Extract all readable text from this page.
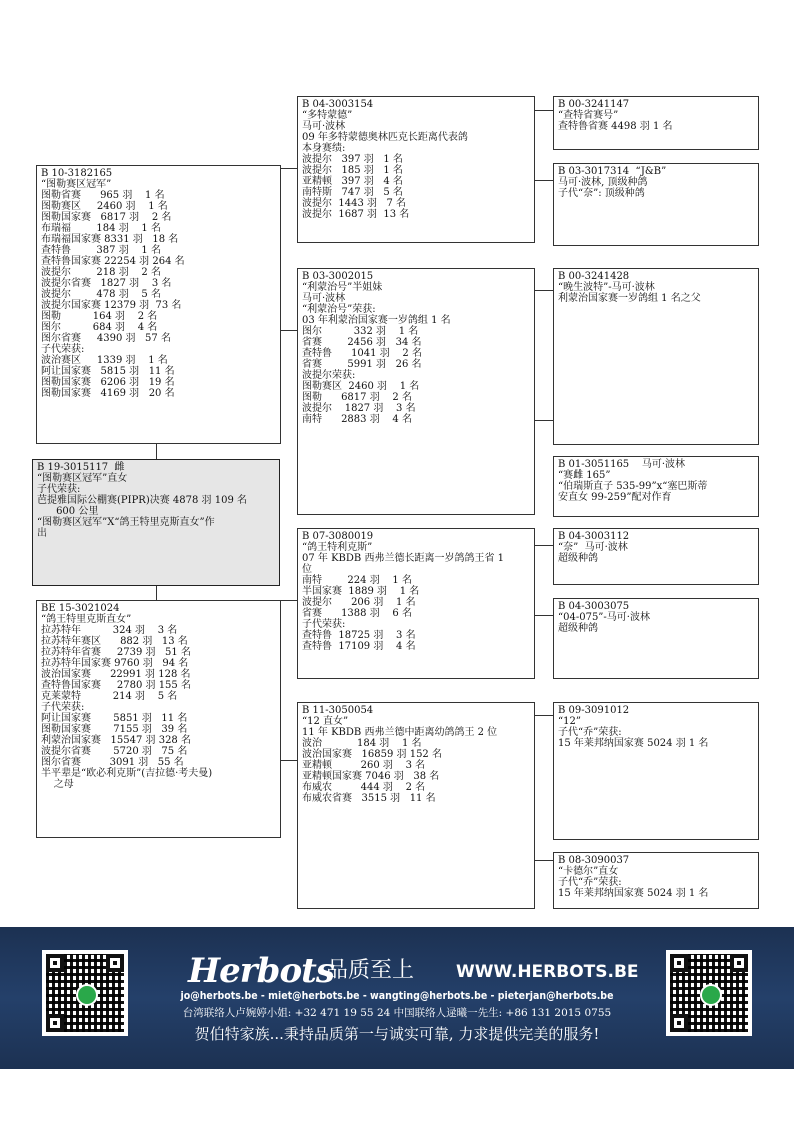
B 10-3182165
“图勒赛区冠军”
图勒省赛      965 羽    1 名
图勒赛区     2460 羽    1 名
图勒国家赛   6817 羽    2 名
布瑞福        184 羽    1 名
布瑞福国家赛 8331 羽   18 名
查特鲁        387 羽    1 名
查特鲁国家赛 22254 羽 264 名
波提尔        218 羽    2 名
波提尔省赛   1827 羽    3 名
波提尔        478 羽    5 名
波提尔国家赛 12379 羽  73 名
图勒          164 羽    2 名
图尔          684 羽    4 名
图尔省赛     4390 羽   57 名
子代荣获:
波治赛区     1339 羽    1 名
阿让国家赛   5815 羽   11 名
图勒国家赛   6206 羽   19 名
图勒国家赛   4169 羽   20 名
B 19-3015117  雌
“图勒赛区冠军”直女
子代荣获:
芭提雅国际公棚赛(PIPR)决赛 4878 羽 109 名
600 公里
“图勒赛区冠军”X“鸽王特里克斯直女”作
出
BE 15-3021024
“鸽王特里克斯直女”
拉苏特年          324 羽    3 名
拉苏特年赛区      882 羽   13 名
拉苏特年省赛     2739 羽   51 名
拉苏特年国家赛 9760 羽   94 名
波治国家赛      22991 羽 128 名
查特鲁国家赛     2780 羽 155 名
克莱蒙特          214 羽    5 名
子代荣获:
阿让国家赛       5851 羽   11 名
图勒国家赛       7155 羽   39 名
利蒙治国家赛   15547 羽 328 名
波提尔省赛       5720 羽   75 名
图尔省赛         3091 羽   55 名
半平辈是“欧必利克斯”(吉拉德·考夫曼)
之母
B 04-3003154
“多特蒙德”
马可·波林
09 年多特蒙德奥林匹克长距离代表鸽
本身赛绩:
波提尔   397 羽   1 名
波提尔   185 羽   1 名
亚精顿   397 羽   4 名
南特斯   747 羽   5 名
波提尔  1443 羽   7 名
波提尔  1687 羽  13 名
B 03-3002015
“利蒙治号”半姐妹
马可·波林
“利蒙治号”荣获:
03 年利蒙治国家赛一岁鸽组 1 名
图尔          332 羽    1 名
省赛        2456 羽   34 名
查特鲁      1041 羽    2 名
省赛        5991 羽   26 名
波提尔荣获:
图勒赛区  2460 羽    1 名
图勒      6817 羽    2 名
波提尔    1827 羽    3 名
南特      2883 羽    4 名
B 07-3080019
“鸽王特利克斯”
07 年 KBDB 西弗兰德长距离一岁鸽鸽王省 1
位
南特        224 羽    1 名
半国家赛  1889 羽    1 名
波提尔      206 羽    1 名
省赛      1388 羽    6 名
子代荣获:
查特鲁  18725 羽    3 名
查特鲁  17109 羽    4 名
B 11-3050054
“12 直女”
11 年 KBDB 西弗兰德中距离幼鸽鸽王 2 位
波治           184 羽    1 名
波治国家赛   16859 羽 152 名
亚精顿         260 羽    3 名
亚精顿国家赛 7046 羽   38 名
布威农         444 羽    2 名
布威农省赛   3515 羽   11 名
B 00-3241147
“查特省赛号”
查特鲁省赛 4498 羽 1 名
B 03-3017314  “J&B”
马可·波林, 顶级种鸽
子代“奈”: 顶级种鸽
B 00-3241428
“晚生波特”-马可·波林
利蒙治国家赛一岁鸽组 1 名之父
B 01-3051165    马可·波林
“赛雌 165”
“伯瑞斯直子 535-99”x“塞巴斯蒂
安直女 99-259”配对作育
B 04-3003112
“奈”  马可·波林
超级种鸽
B 04-3003075
“04-075”-马可·波林
超级种鸽
B 09-3091012
“12”
子代“乔”荣获:
15 年莱邦纳国家赛 5024 羽 1 名
B 08-3090037
“卡德尔”直女
子代“乔”荣获:
15 年莱邦纳国家赛 5024 羽 1 名
Herbots
品质至上 WWW.HERBOTS.BE
jo@herbots.be - miet@herbots.be - wangting@herbots.be - pieterjan@herbots.be
台湾联络人卢婉婷小姐: +32 471 19 55 24 中国联络人逯曦一先生: +86 131 2015 0755
贺伯特家族...秉持品质第一与诚实可靠, 力求提供完美的服务!
